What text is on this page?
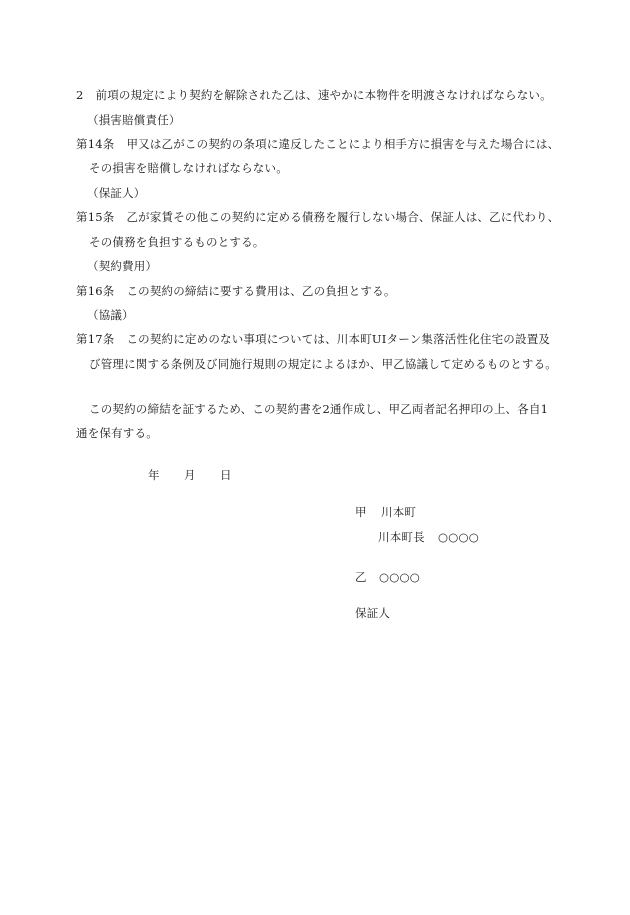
2 前項の規定により契約を解除された乙は、速やかに本物件を明渡さなければならない。
（損害賠償責任）
第14条 甲又は乙がこの契約の条項に違反したことにより相手方に損害を与えた場合には、
その損害を賠償しなければならない。
（保証人）
第15条 乙が家賃その他この契約に定める債務を履行しない場合、保証人は、乙に代わり、
その債務を負担するものとする。
（契約費用）
第16条 この契約の締結に要する費用は、乙の負担とする。
（協議）
第17条 この契約に定めのない事項については、川本町UIターン集落活性化住宅の設置及
び管理に関する条例及び同施行規則の規定によるほか、甲乙協議して定めるものとする。
この契約の締結を証するため、この契約書を2通作成し、甲乙両者記名押印の上、各自1
通を保有する。
年 月 日
甲 川本町
川本町長 ○○○○
乙 ○○○○
保証人
